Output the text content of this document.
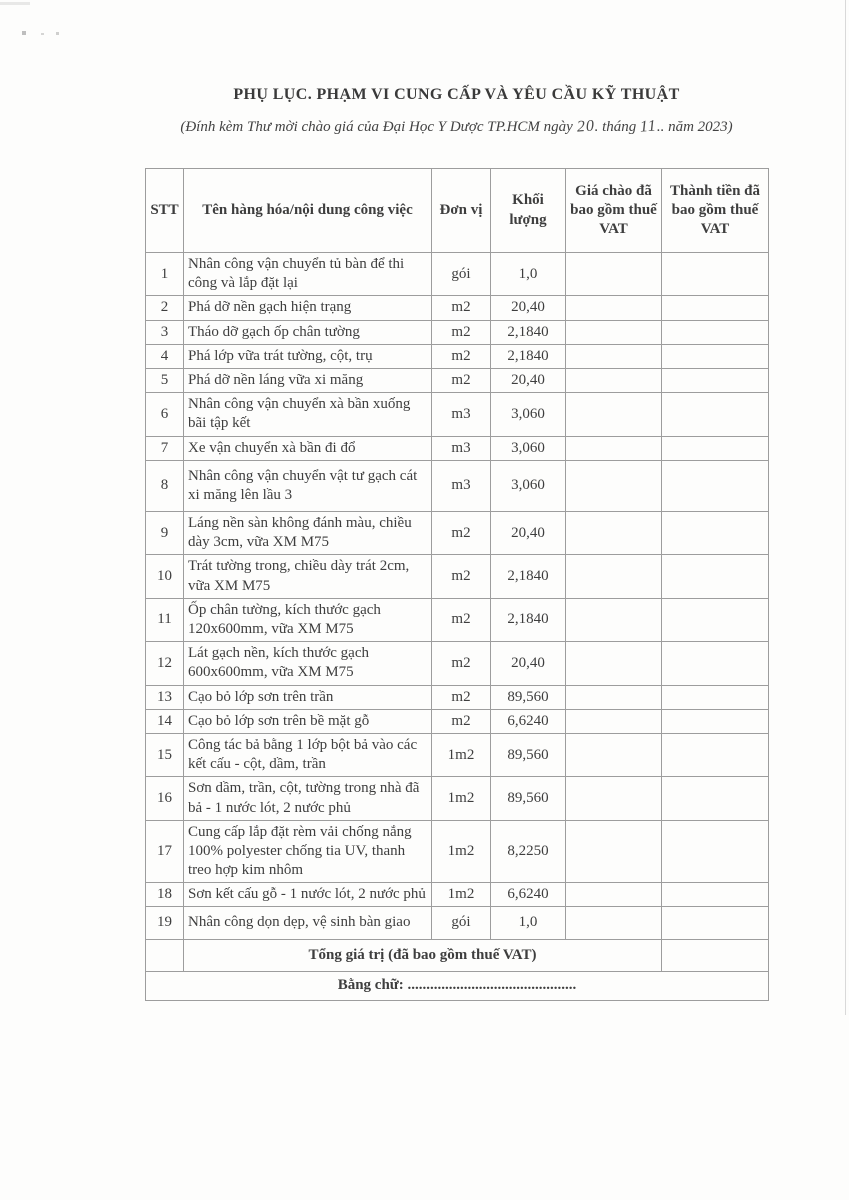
PHỤ LỤC. PHẠM VI CUNG CẤP VÀ YÊU CẦU KỸ THUẬT

(Đính kèm Thư mời chào giá của Đại Học Y Dược TP.HCM ngày 20. tháng 11.. năm 2023)

STT	Tên hàng hóa/nội dung công việc	Đơn vị	Khối lượng	Giá chào đã bao gồm thuế VAT	Thành tiền đã bao gồm thuế VAT
1	Nhân công vận chuyển tủ bàn để thi công và lắp đặt lại	gói	1,0		
2	Phá dỡ nền gạch hiện trạng	m2	20,40		
3	Tháo dỡ gạch ốp chân tường	m2	2,1840		
4	Phá lớp vữa trát tường, cột, trụ	m2	2,1840		
5	Phá dỡ nền láng vữa xi măng	m2	20,40		
6	Nhân công vận chuyển xà bần xuống bãi tập kết	m3	3,060		
7	Xe vận chuyển xà bần đi đổ	m3	3,060		
8	Nhân công vận chuyển vật tư gạch cát xi măng lên lầu 3	m3	3,060		
9	Láng nền sàn không đánh màu, chiều dày 3cm, vữa XM M75	m2	20,40		
10	Trát tường trong, chiều dày trát 2cm, vữa XM M75	m2	2,1840		
11	Ốp chân tường, kích thước gạch 120x600mm, vữa XM M75	m2	2,1840		
12	Lát gạch nền, kích thước gạch 600x600mm, vữa XM M75	m2	20,40		
13	Cạo bỏ lớp sơn trên trần	m2	89,560		
14	Cạo bỏ lớp sơn trên bề mặt gỗ	m2	6,6240		
15	Công tác bả bằng 1 lớp bột bả vào các kết cấu - cột, dầm, trần	1m2	89,560		
16	Sơn dầm, trần, cột, tường trong nhà đã bả - 1 nước lót, 2 nước phủ	1m2	89,560		
17	Cung cấp lắp đặt rèm vải chống nắng 100% polyester chống tia UV, thanh treo hợp kim nhôm	1m2	8,2250		
18	Sơn kết cấu gỗ - 1 nước lót, 2 nước phủ	1m2	6,6240		
19	Nhân công dọn dẹp, vệ sinh bàn giao	gói	1,0		
	Tổng giá trị (đã bao gồm thuế VAT)				
Bằng chữ: .............................................					
